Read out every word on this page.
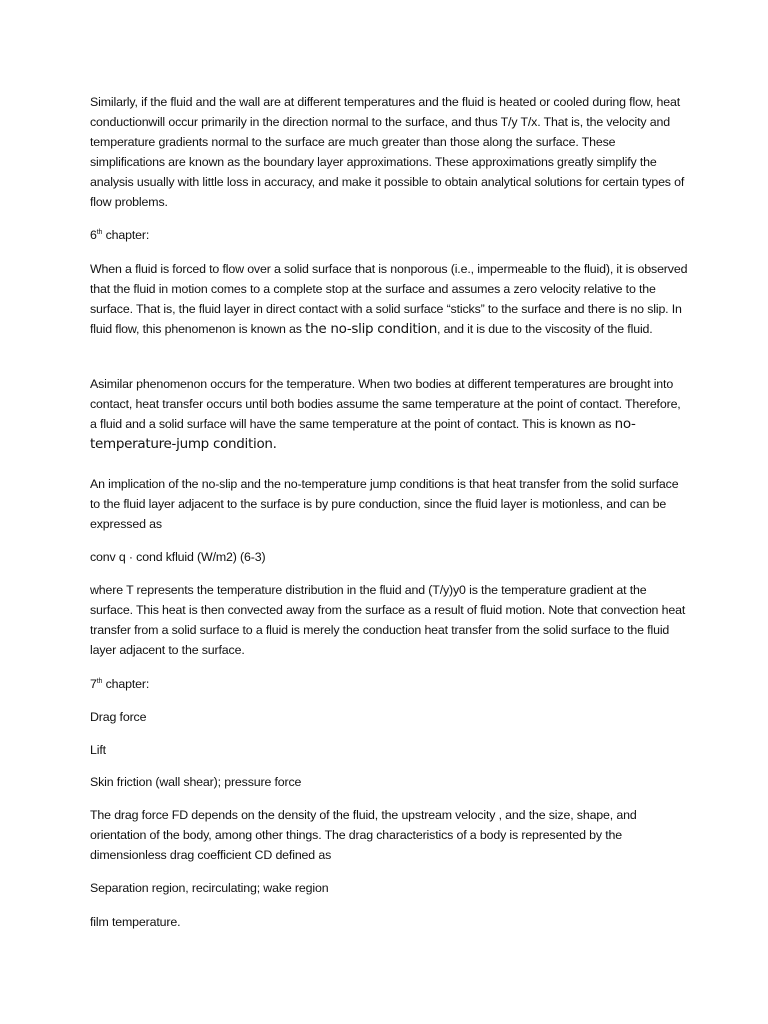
Similarly, if the fluid and the wall are at different temperatures and the fluid is heated or cooled during flow, heat conductionwill occur primarily in the direction normal to the surface, and thus T/y T/x. That is, the velocity and temperature gradients normal to the surface are much greater than those along the surface. These simplifications are known as the boundary layer approximations. These approximations greatly simplify the analysis usually with little loss in accuracy, and make it possible to obtain analytical solutions for certain types of flow problems.

6th chapter:

When a fluid is forced to flow over a solid surface that is nonporous (i.e., impermeable to the fluid), it is observed that the fluid in motion comes to a complete stop at the surface and assumes a zero velocity relative to the surface. That is, the fluid layer in direct contact with a solid surface “sticks” to the surface and there is no slip. In fluid flow, this phenomenon is known as the no-slip condition, and it is due to the viscosity of the fluid.

Asimilar phenomenon occurs for the temperature. When two bodies at different temperatures are brought into contact, heat transfer occurs until both bodies assume the same temperature at the point of contact. Therefore, a fluid and a solid surface will have the same temperature at the point of contact. This is known as no-temperature-jump condition.

An implication of the no-slip and the no-temperature jump conditions is that heat transfer from the solid surface to the fluid layer adjacent to the surface is by pure conduction, since the fluid layer is motionless, and can be expressed as

conv q · cond kfluid (W/m2) (6-3)

where T represents the temperature distribution in the fluid and (T/y)y0 is the temperature gradient at the surface. This heat is then convected away from the surface as a result of fluid motion. Note that convection heat transfer from a solid surface to a fluid is merely the conduction heat transfer from the solid surface to the fluid layer adjacent to the surface.

7th chapter:

Drag force

Lift

Skin friction (wall shear); pressure force

The drag force FD depends on the density of the fluid, the upstream velocity , and the size, shape, and orientation of the body, among other things. The drag characteristics of a body is represented by the dimensionless drag coefficient CD defined as

Separation region, recirculating; wake region

film temperature.
